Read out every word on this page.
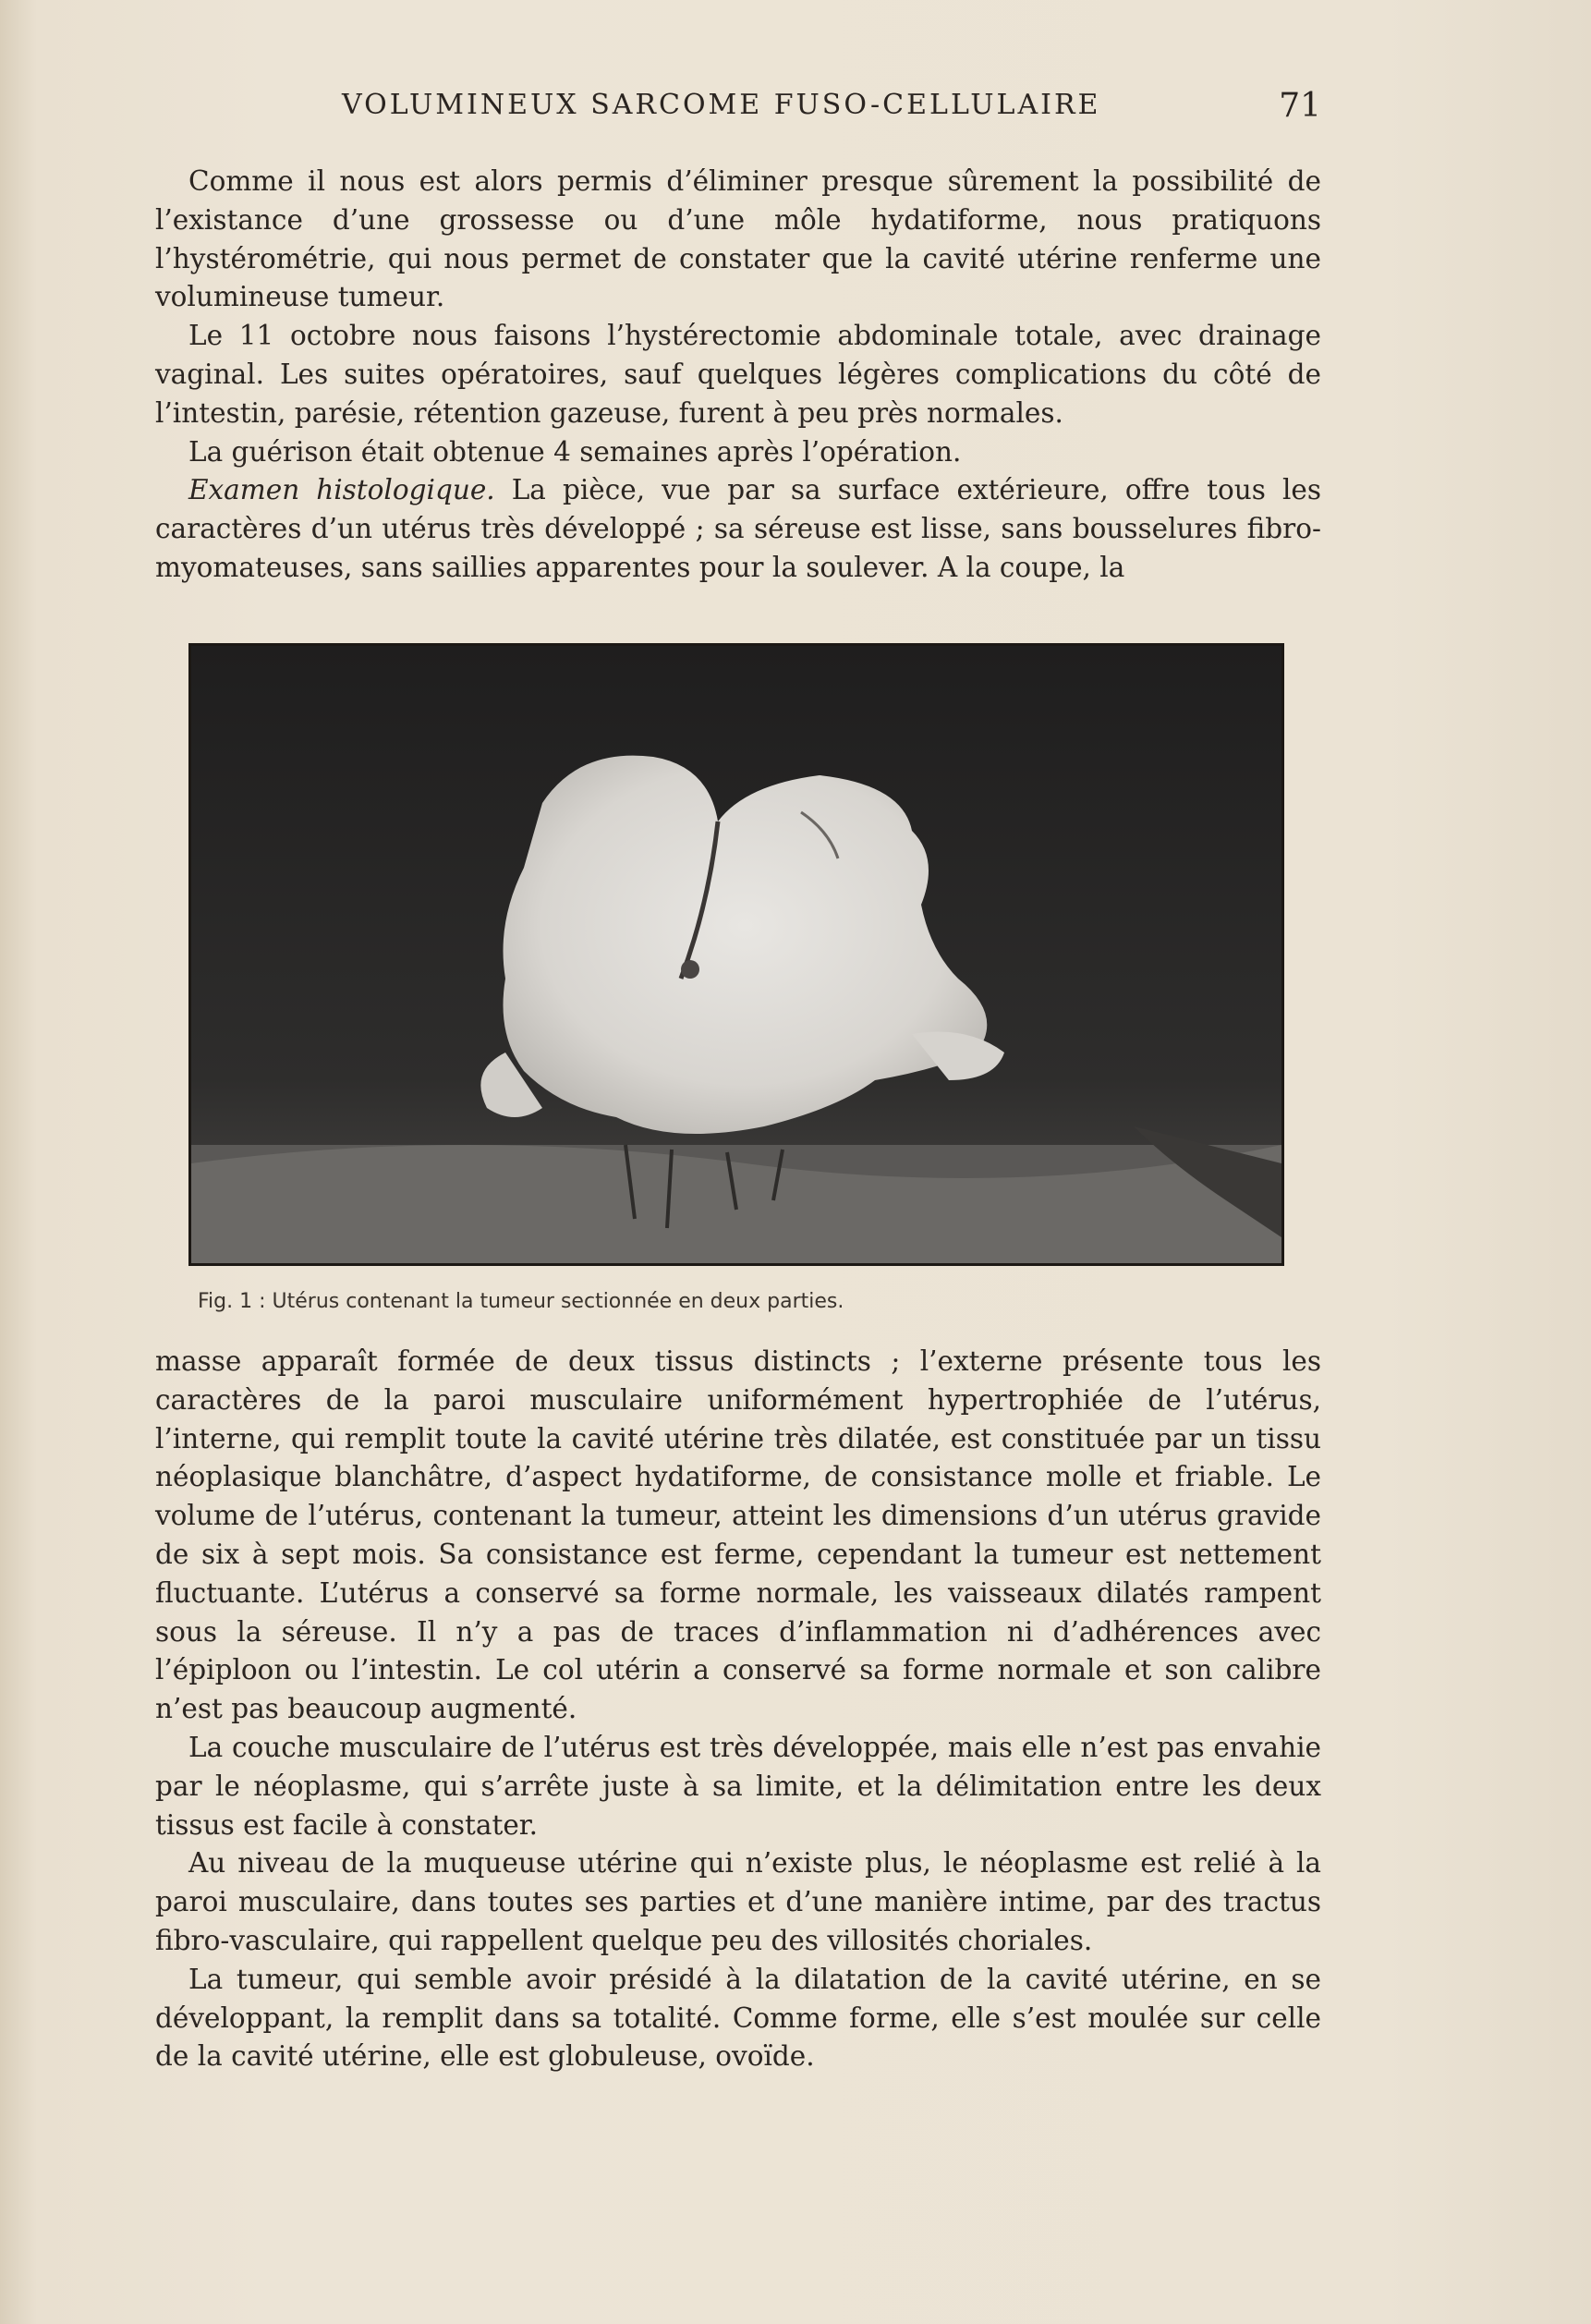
VOLUMINEUX SARCOME FUSO-CELLULAIRE	71

Comme il nous est alors permis d’éliminer presque sûrement la possibilité de l’existance d’une grossesse ou d’une môle hydatiforme, nous pratiquons l’hystérométrie, qui nous permet de constater que la cavité utérine renferme une volumineuse tumeur.

Le 11 octobre nous faisons l’hystérectomie abdominale totale, avec drainage vaginal. Les suites opératoires, sauf quelques légères complications du côté de l’intestin, parésie, rétention gazeuse, furent à peu près normales.

La guérison était obtenue 4 semaines après l’opération.

Examen histologique. La pièce, vue par sa surface extérieure, offre tous les caractères d’un utérus très développé ; sa séreuse est lisse, sans bousselures fibro-myomateuses, sans saillies apparentes pour la soulever. A la coupe, la

Fig. 1 : Utérus contenant la tumeur sectionnée en deux parties.

masse apparaît formée de deux tissus distincts ; l’externe présente tous les caractères de la paroi musculaire uniformément hypertrophiée de l’utérus, l’interne, qui remplit toute la cavité utérine très dilatée, est constituée par un tissu néoplasique blanchâtre, d’aspect hydatiforme, de consistance molle et friable. Le volume de l’utérus, contenant la tumeur, atteint les dimensions d’un utérus gravide de six à sept mois. Sa consistance est ferme, cependant la tumeur est nettement fluctuante. L’utérus a conservé sa forme normale, les vaisseaux dilatés rampent sous la séreuse. Il n’y a pas de traces d’inflammation ni d’adhérences avec l’épiploon ou l’intestin. Le col utérin a conservé sa forme normale et son calibre n’est pas beaucoup augmenté.

La couche musculaire de l’utérus est très développée, mais elle n’est pas envahie par le néoplasme, qui s’arrête juste à sa limite, et la délimitation entre les deux tissus est facile à constater.

Au niveau de la muqueuse utérine qui n’existe plus, le néoplasme est relié à la paroi musculaire, dans toutes ses parties et d’une manière intime, par des tractus fibro-vasculaire, qui rappellent quelque peu des villosités choriales.

La tumeur, qui semble avoir présidé à la dilatation de la cavité utérine, en se développant, la remplit dans sa totalité. Comme forme, elle s’est moulée sur celle de la cavité utérine, elle est globuleuse, ovoïde.
